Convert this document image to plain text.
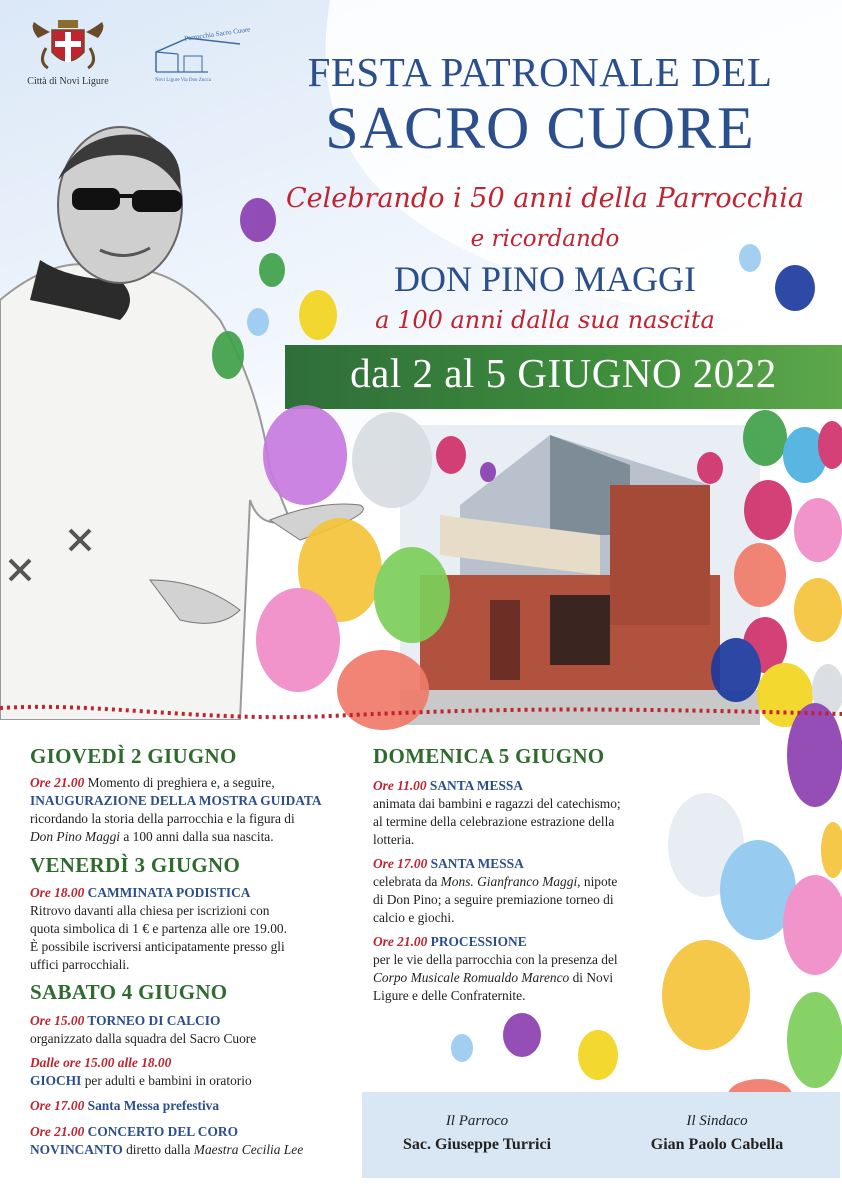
Città di Novi Ligure
Parrocchia Sacro Cuore
Novi Ligure Via Don Zucca	FESTA PATRONALE DEL
SACRO CUORE
Celebrando i 50 anni della Parrocchia
e ricordando
DON PINO MAGGI
a 100 anni dalla sua nascita
dal 2 al 5 GIUGNO 2022
GIOVEDÌ 2 GIUGNO
Ore 21.00 Momento di preghiera e, a seguire,
INAUGURAZIONE DELLA MOSTRA GUIDATA
ricordando la storia della parrocchia e la figura di
Don Pino Maggi a 100 anni dalla sua nascita.
VENERDÌ 3 GIUGNO
Ore 18.00 CAMMINATA PODISTICA
Ritrovo davanti alla chiesa per iscrizioni con
quota simbolica di 1 € e partenza alle ore 19.00.
È possibile iscriversi anticipatamente presso gli
uffici parrocchiali.
SABATO 4 GIUGNO
Ore 15.00 TORNEO DI CALCIO
organizzato dalla squadra del Sacro Cuore
Dalle ore 15.00 alle 18.00
GIOCHI per adulti e bambini in oratorio
Ore 17.00 Santa Messa prefestiva
Ore 21.00 CONCERTO DEL CORO
NOVINCANTO diretto dalla Maestra Cecilia Lee
DOMENICA 5 GIUGNO
Ore 11.00 SANTA MESSA
animata dai bambini e ragazzi del catechismo;
al termine della celebrazione estrazione della
lotteria.
Ore 17.00 SANTA MESSA
celebrata da Mons. Gianfranco Maggi, nipote
di Don Pino; a seguire premiazione torneo di
calcio e giochi.
Ore 21.00 PROCESSIONE
per le vie della parrocchia con la presenza del
Corpo Musicale Romualdo Marenco di Novi
Ligure e delle Confraternite.
Il Parroco
Sac. Giuseppe Turrici
Il Sindaco
Gian Paolo Cabella
